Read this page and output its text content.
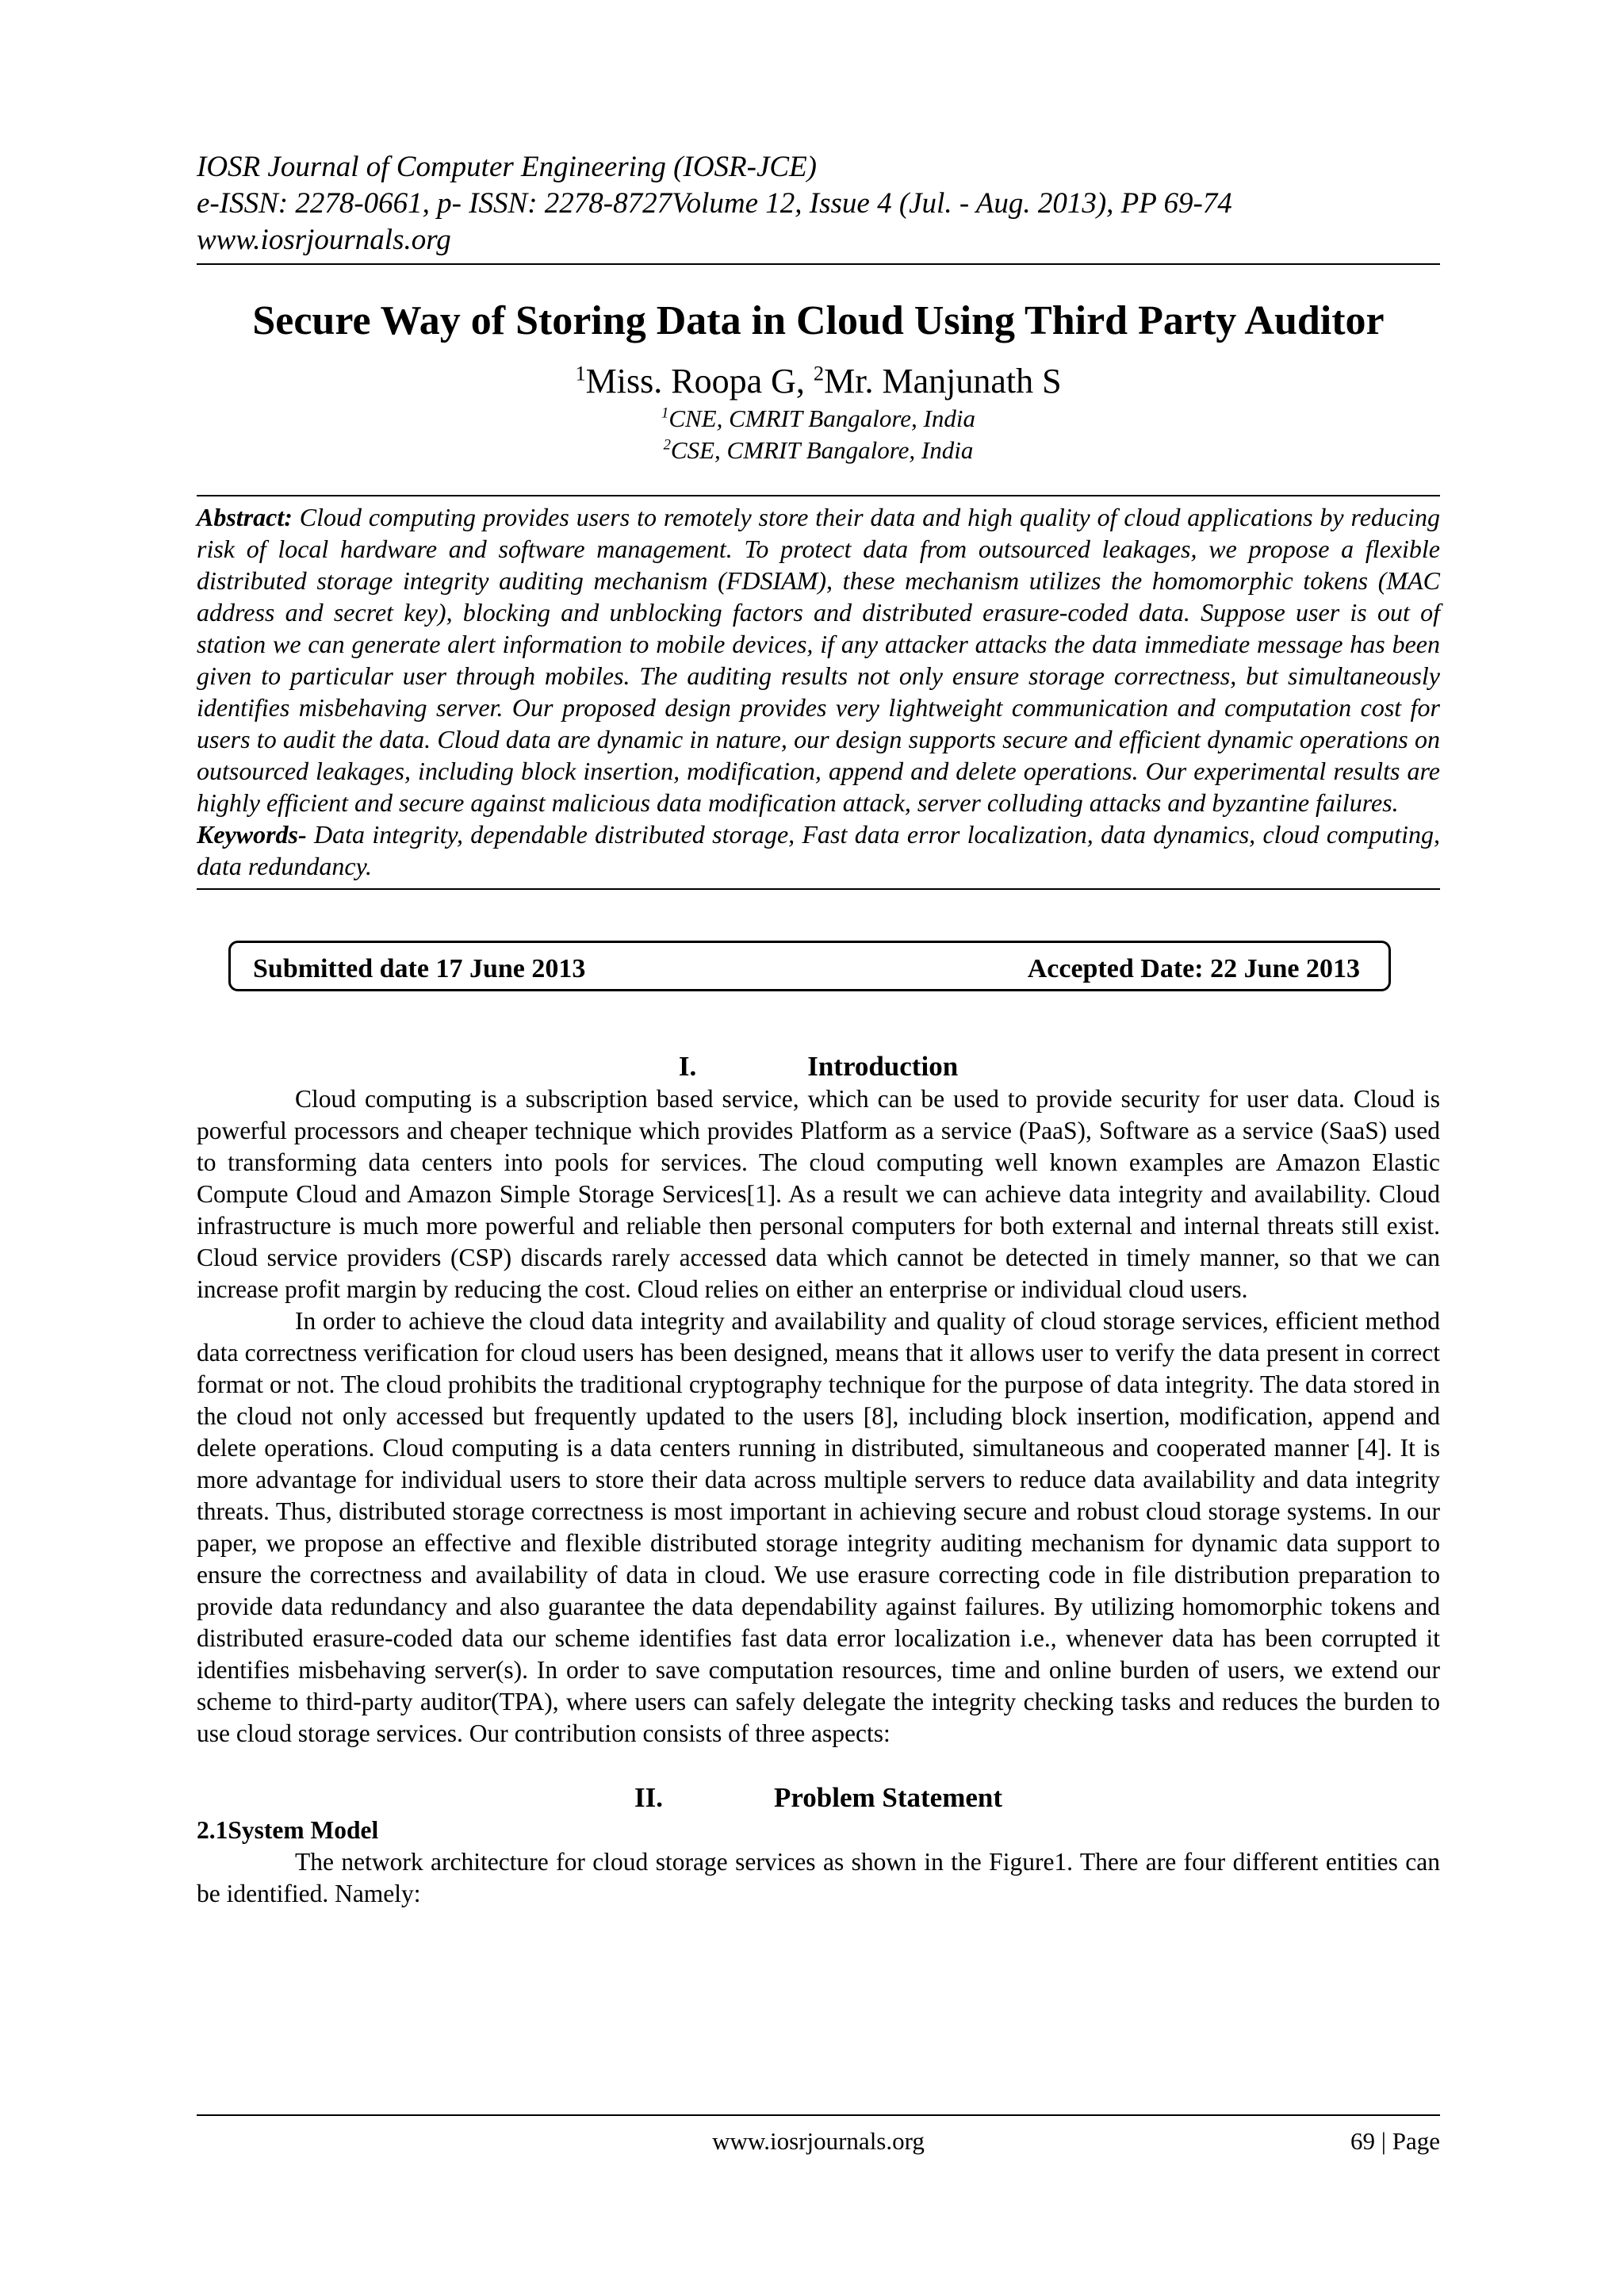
IOSR Journal of Computer Engineering (IOSR-JCE)
e-ISSN: 2278-0661, p- ISSN: 2278-8727Volume 12, Issue 4 (Jul. - Aug. 2013), PP 69-74
www.iosrjournals.org
Secure Way of Storing Data in Cloud Using Third Party Auditor
$^1$Miss. Roopa G, $^2$Mr. Manjunath S
$^1$CNE, CMRIT Bangalore, India
$^2$CSE, CMRIT Bangalore, India
Abstract: Cloud computing provides users to remotely store their data and high quality of cloud applications by reducing risk of local hardware and software management. To protect data from outsourced leakages, we propose a flexible distributed storage integrity auditing mechanism (FDSIAM), these mechanism utilizes the homomorphic tokens (MAC address and secret key), blocking and unblocking factors and distributed erasure-coded data. Suppose user is out of station we can generate alert information to mobile devices, if any attacker attacks the data immediate message has been given to particular user through mobiles. The auditing results not only ensure storage correctness, but simultaneously identifies misbehaving server. Our proposed design provides very lightweight communication and computation cost for users to audit the data. Cloud data are dynamic in nature, our design supports secure and efficient dynamic operations on outsourced leakages, including block insertion, modification, append and delete operations. Our experimental results are highly efficient and secure against malicious data modification attack, server colluding attacks and byzantine failures.
Keywords- Data integrity, dependable distributed storage, Fast data error localization, data dynamics, cloud computing, data redundancy.
Submitted date 17 June 2013	Accepted Date: 22 June 2013
I.	Introduction

Cloud computing is a subscription based service, which can be used to provide security for user data. Cloud is powerful processors and cheaper technique which provides Platform as a service (PaaS), Software as a service (SaaS) used to transforming data centers into pools for services. The cloud computing well known examples are Amazon Elastic Compute Cloud and Amazon Simple Storage Services[1]. As a result we can achieve data integrity and availability. Cloud infrastructure is much more powerful and reliable then personal computers for both external and internal threats still exist. Cloud service providers (CSP) discards rarely accessed data which cannot be detected in timely manner, so that we can increase profit margin by reducing the cost. Cloud relies on either an enterprise or individual cloud users.

In order to achieve the cloud data integrity and availability and quality of cloud storage services, efficient method data correctness verification for cloud users has been designed, means that it allows user to verify the data present in correct format or not. The cloud prohibits the traditional cryptography technique for the purpose of data integrity. The data stored in the cloud not only accessed but frequently updated to the users [8], including block insertion, modification, append and delete operations. Cloud computing is a data centers running in distributed, simultaneous and cooperated manner [4]. It is more advantage for individual users to store their data across multiple servers to reduce data availability and data integrity threats. Thus, distributed storage correctness is most important in achieving secure and robust cloud storage systems. In our paper, we propose an effective and flexible distributed storage integrity auditing mechanism for dynamic data support to ensure the correctness and availability of data in cloud. We use erasure correcting code in file distribution preparation to provide data redundancy and also guarantee the data dependability against failures. By utilizing homomorphic tokens and distributed erasure-coded data our scheme identifies fast data error localization i.e., whenever data has been corrupted it identifies misbehaving server(s). In order to save computation resources, time and online burden of users, we extend our scheme to third-party auditor(TPA), where users can safely delegate the integrity checking tasks and reduces the burden to use cloud storage services. Our contribution consists of three aspects:

II.	Problem Statement
2.1System Model

The network architecture for cloud storage services as shown in the Figure1. There are four different entities can be identified. Namely:

www.iosrjournals.org	69 | Page
